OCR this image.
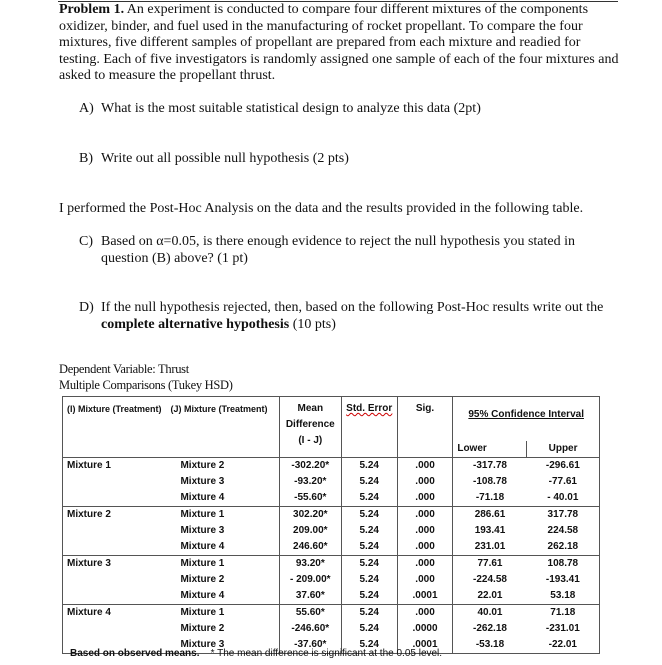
Problem 1. An experiment is conducted to compare four different mixtures of the components oxidizer, binder, and fuel used in the manufacturing of rocket propellant. To compare the four mixtures, five different samples of propellant are prepared from each mixture and readied for testing. Each of five investigators is randomly assigned one sample of each of the four mixtures and asked to measure the propellant thrust.
A) What is the most suitable statistical design to analyze this data (2pt)
B) Write out all possible null hypothesis (2 pts)
I performed the Post-Hoc Analysis on the data and the results provided in the following table.
C) Based on α=0.05, is there enough evidence to reject the null hypothesis you stated in question (B) above? (1 pt)
D) If the null hypothesis rejected, then, based on the following Post-Hoc results write out the complete alternative hypothesis (10 pts)
Dependent Variable: Thrust
Multiple Comparisons (Tukey HSD)
(I) Mixture (Treatment)	(J) Mixture (Treatment)	Mean
Difference
(I - J)	Std. Error	Sig.	95% Confidence Interval	
					Lower	Upper
Mixture 1	Mixture 2	-302.20*	5.24	.000	-317.78	-296.61
	Mixture 3	-93.20*	5.24	.000	-108.78	-77.61
	Mixture 4	-55.60*	5.24	.000	-71.18	- 40.01
Mixture 2	Mixture 1	302.20*	5.24	.000	286.61	317.78
	Mixture 3	209.00*	5.24	.000	193.41	224.58
	Mixture 4	246.60*	5.24	.000	231.01	262.18
Mixture 3	Mixture 1	93.20*	5.24	.000	77.61	108.78
	Mixture 2	- 209.00*	5.24	.000	-224.58	-193.41
	Mixture 4	37.60*	5.24	.0001	22.01	53.18
Mixture 4	Mixture 1	55.60*	5.24	.000	40.01	71.18
	Mixture 2	-246.60*	5.24	.0000	-262.18	-231.01
	Mixture 3	-37.60*	5.24	.0001	-53.18	-22.01
Based on observed means. * The mean difference is significant at the 0.05 level.
